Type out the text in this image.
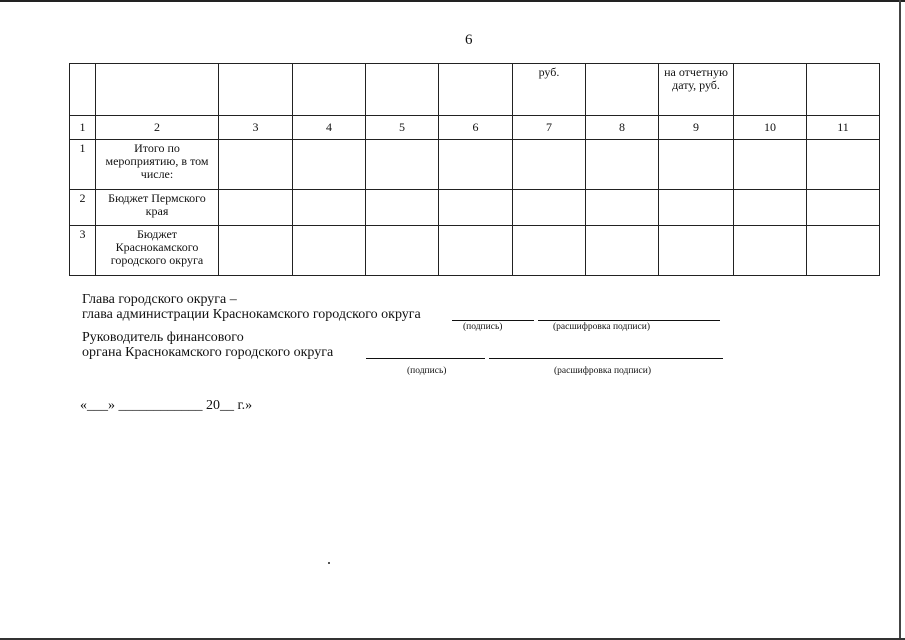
6
						руб.		на отчетную дату, руб.		
1	2	3	4	5	6	7	8	9	10	11
1	Итого по мероприятию, в том числе:									
2	Бюджет Пермского края									
3	Бюджет Краснокамского городского округа									
Глава городского округа –
глава администрации Краснокамского городского округа
(подпись)	(расшифровка подписи)
Руководитель финансового
органа Краснокамского городского округа
(подпись)	(расшифровка подписи)
«___» ____________ 20__ г.»
